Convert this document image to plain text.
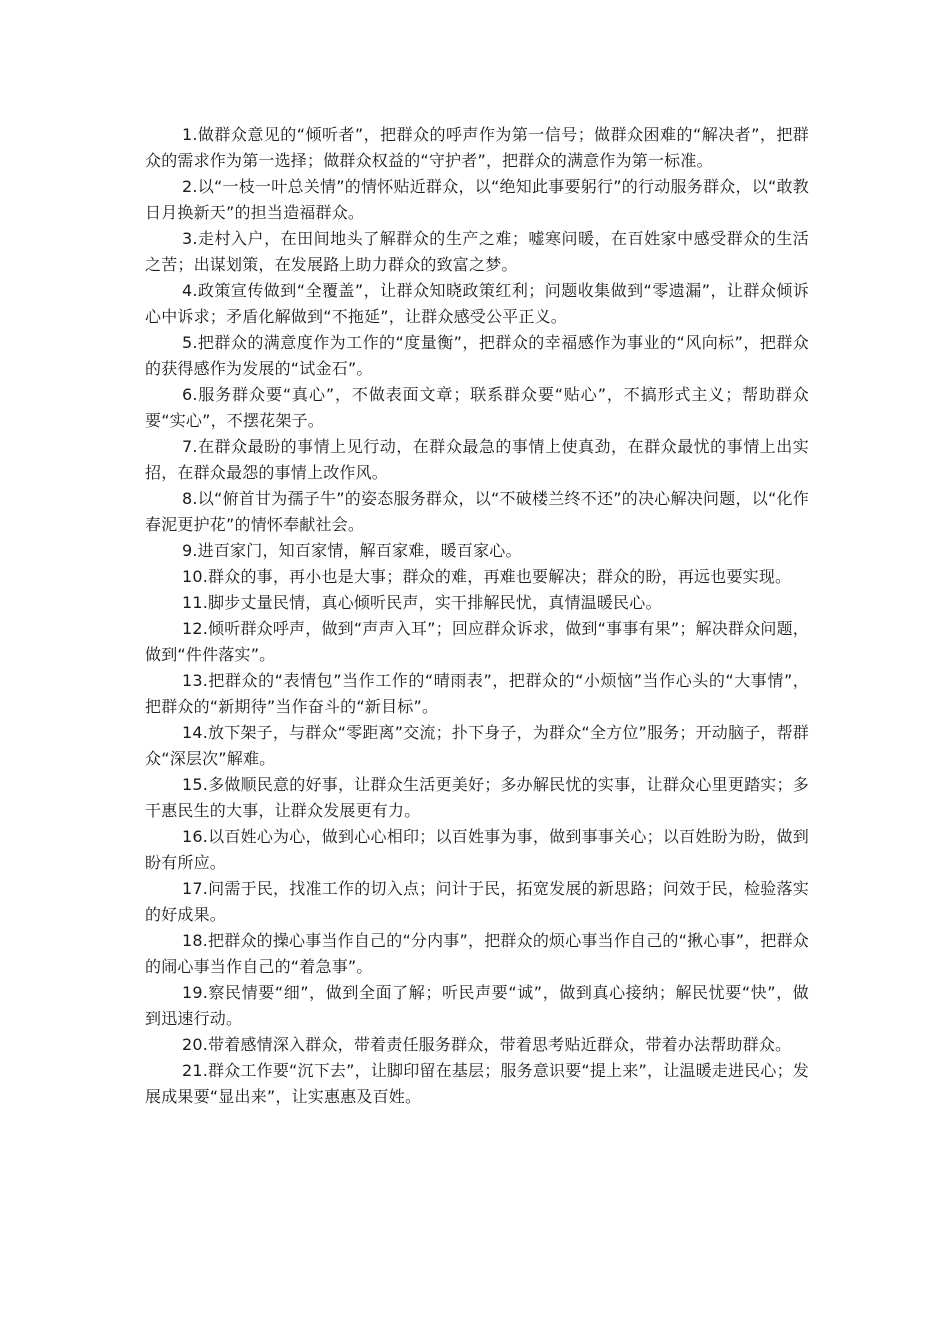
1.做群众意见的“倾听者”，把群众的呼声作为第一信号；做群众困难的“解决者”，把群众的需求作为第一选择；做群众权益的“守护者”，把群众的满意作为第一标准。

2.以“一枝一叶总关情”的情怀贴近群众，以“绝知此事要躬行”的行动服务群众，以“敢教日月换新天”的担当造福群众。

3.走村入户，在田间地头了解群众的生产之难；嘘寒问暖，在百姓家中感受群众的生活之苦；出谋划策，在发展路上助力群众的致富之梦。

4.政策宣传做到“全覆盖”，让群众知晓政策红利；问题收集做到“零遗漏”，让群众倾诉心中诉求；矛盾化解做到“不拖延”，让群众感受公平正义。

5.把群众的满意度作为工作的“度量衡”，把群众的幸福感作为事业的“风向标”，把群众的获得感作为发展的“试金石”。

6.服务群众要“真心”，不做表面文章；联系群众要“贴心”，不搞形式主义；帮助群众要“实心”，不摆花架子。

7.在群众最盼的事情上见行动，在群众最急的事情上使真劲，在群众最忧的事情上出实招，在群众最怨的事情上改作风。

8.以“俯首甘为孺子牛”的姿态服务群众，以“不破楼兰终不还”的决心解决问题，以“化作春泥更护花”的情怀奉献社会。

9.进百家门，知百家情，解百家难，暖百家心。

10.群众的事，再小也是大事；群众的难，再难也要解决；群众的盼，再远也要实现。

11.脚步丈量民情，真心倾听民声，实干排解民忧，真情温暖民心。

12.倾听群众呼声，做到“声声入耳”；回应群众诉求，做到“事事有果”；解决群众问题，做到“件件落实”。

13.把群众的“表情包”当作工作的“晴雨表”，把群众的“小烦恼”当作心头的“大事情”，把群众的“新期待”当作奋斗的“新目标”。

14.放下架子，与群众“零距离”交流；扑下身子，为群众“全方位”服务；开动脑子，帮群众“深层次”解难。

15.多做顺民意的好事，让群众生活更美好；多办解民忧的实事，让群众心里更踏实；多干惠民生的大事，让群众发展更有力。

16.以百姓心为心，做到心心相印；以百姓事为事，做到事事关心；以百姓盼为盼，做到盼有所应。

17.问需于民，找准工作的切入点；问计于民，拓宽发展的新思路；问效于民，检验落实的好成果。

18.把群众的操心事当作自己的“分内事”，把群众的烦心事当作自己的“揪心事”，把群众的闹心事当作自己的“着急事”。

19.察民情要“细”，做到全面了解；听民声要“诚”，做到真心接纳；解民忧要“快”，做到迅速行动。

20.带着感情深入群众，带着责任服务群众，带着思考贴近群众，带着办法帮助群众。

21.群众工作要“沉下去”，让脚印留在基层；服务意识要“提上来”，让温暖走进民心；发展成果要“显出来”，让实惠惠及百姓。
